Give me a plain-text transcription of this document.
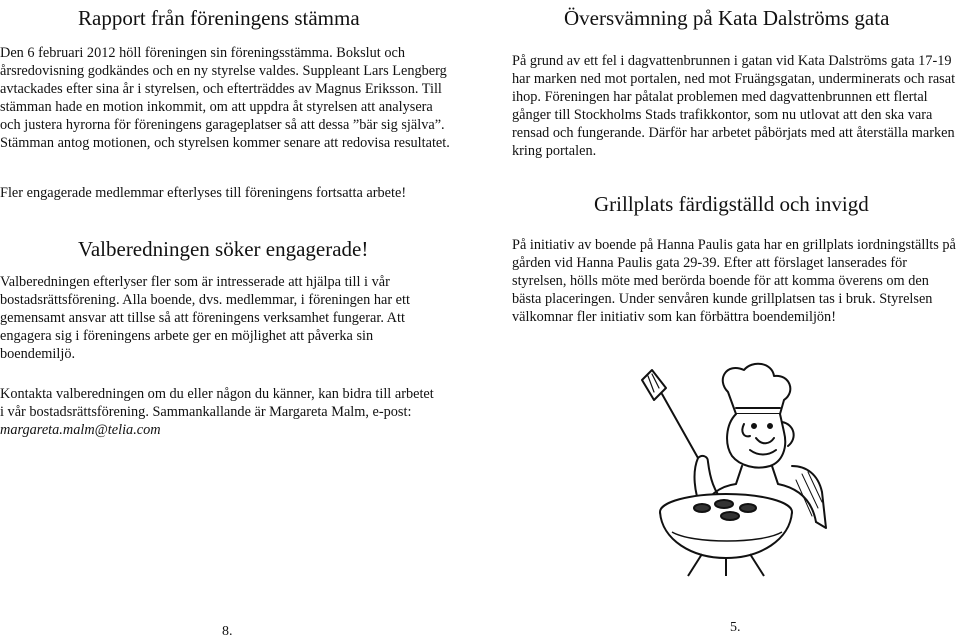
Rapport från föreningens stämma

Den 6 februari 2012 höll föreningen sin föreningsstämma. Bokslut och årsredovisning godkändes och en ny styrelse valdes. Suppleant Lars Lengberg avtackades efter sina år i styrelsen, och efterträddes av Magnus Eriksson. Till stämman hade en motion inkommit, om att uppdra åt styrelsen att analysera och justera hyrorna för föreningens garageplatser så att dessa ”bär sig själva”. Stämman antog motionen, och styrelsen kommer senare att redovisa resultatet.

Fler engagerade medlemmar efterlyses till föreningens fortsatta arbete!

Valberedningen söker engagerade!

Valberedningen efterlyser fler som är intresserade att hjälpa till i vår bostadsrättsförening. Alla boende, dvs. medlemmar, i föreningen har ett gemensamt ansvar att tillse så att föreningens verksamhet fungerar. Att engagera sig i föreningens arbete ger en möjlighet att påverka sin boendemiljö.

Kontakta valberedningen om du eller någon du känner, kan bidra till arbetet i vår bostadsrättsförening. Sammankallande är Margareta Malm, e-post: margareta.malm@telia.com

8.
Översvämning på Kata Dalströms gata

På grund av ett fel i dagvattenbrunnen i gatan vid Kata Dalströms gata 17-19 har marken ned mot portalen, ned mot Fruängsgatan, underminerats och rasat ihop. Föreningen har påtalat problemen med dagvattenbrunnen ett flertal gånger till Stockholms Stads trafikkontor, som nu utlovat att den ska vara rensad och fungerande. Därför har arbetet påbörjats med att återställa marken kring portalen.

Grillplats färdigställd och invigd

På initiativ av boende på Hanna Paulis gata har en grillplats iordningställts på gården vid Hanna Paulis gata 29-39. Efter att förslaget lanserades för styrelsen, hölls möte med berörda boende för att komma överens om den bästa placeringen. Under senvåren kunde grillplatsen tas i bruk. Styrelsen välkomnar fler initiativ som kan förbättra boendemiljön!

5.
